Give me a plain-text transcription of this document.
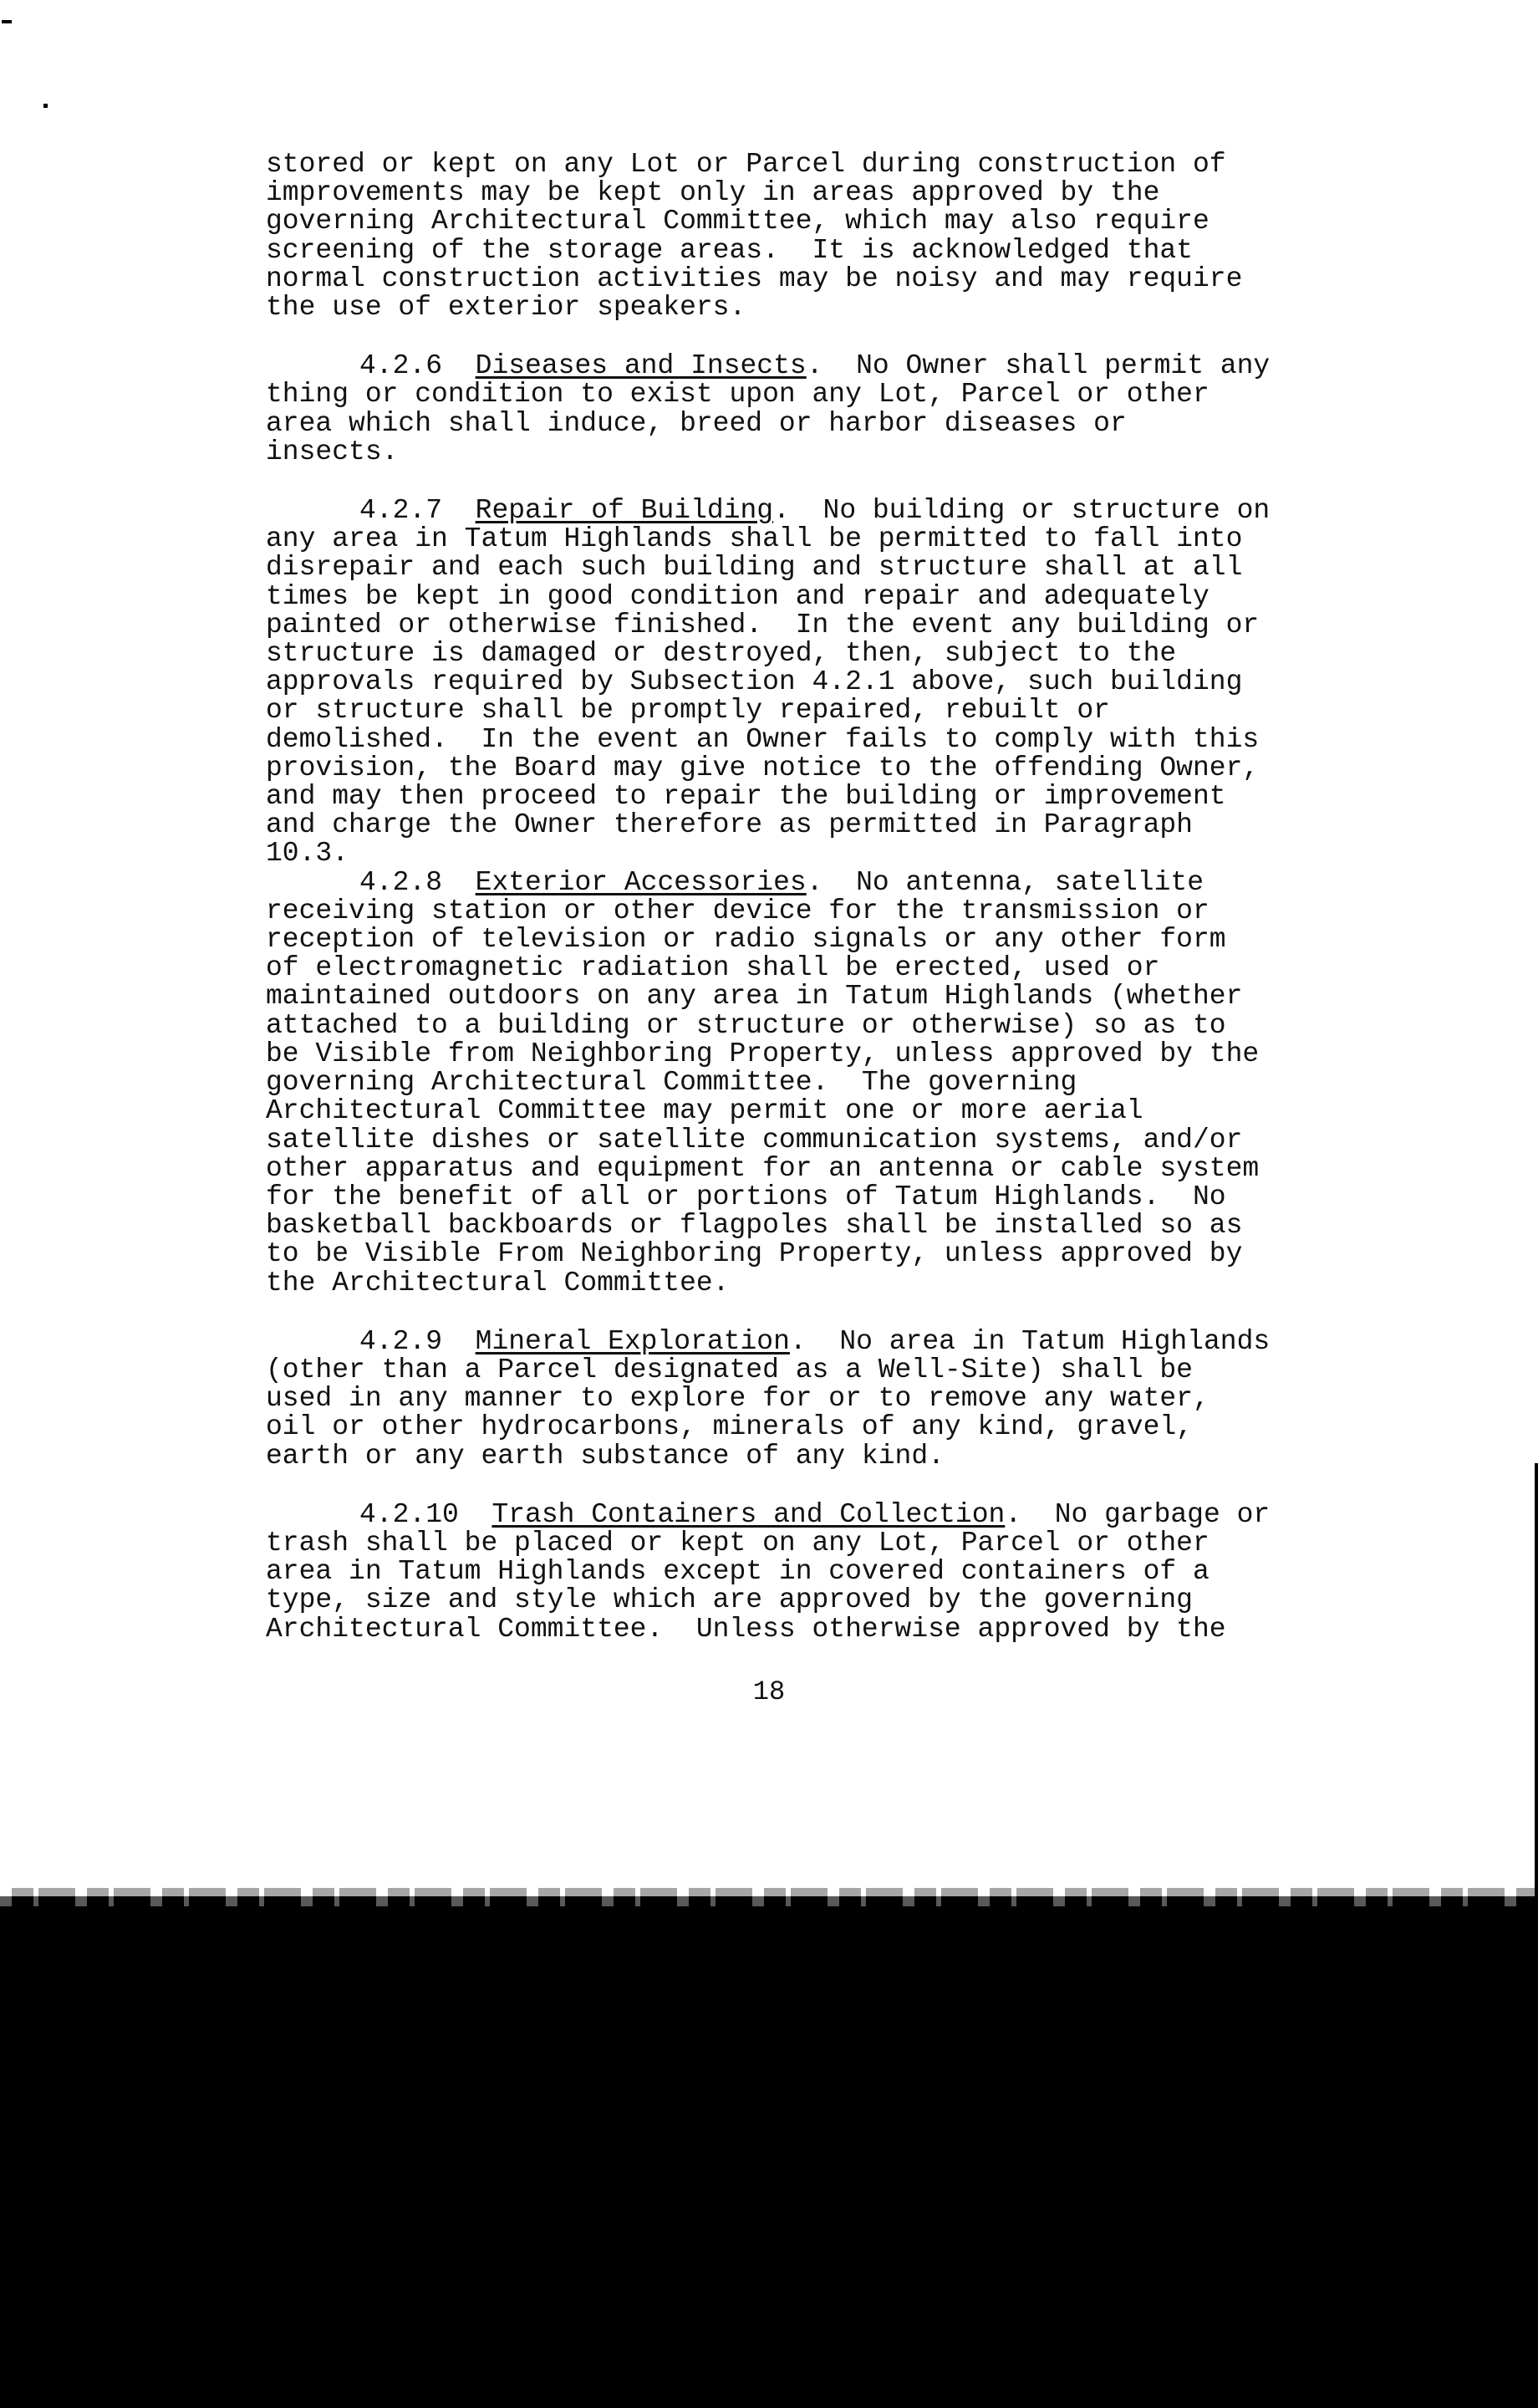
stored or kept on any Lot or Parcel during construction of
improvements may be kept only in areas approved by the
governing Architectural Committee, which may also require
screening of the storage areas.  It is acknowledged that
normal construction activities may be noisy and may require
the use of exterior speakers.

4.2.6 Diseases and Insects.  No Owner shall permit any
thing or condition to exist upon any Lot, Parcel or other
area which shall induce, breed or harbor diseases or
insects.

4.2.7 Repair of Building.  No building or structure on
any area in Tatum Highlands shall be permitted to fall into
disrepair and each such building and structure shall at all
times be kept in good condition and repair and adequately
painted or otherwise finished.  In the event any building or
structure is damaged or destroyed, then, subject to the
approvals required by Subsection 4.2.1 above, such building
or structure shall be promptly repaired, rebuilt or
demolished.  In the event an Owner fails to comply with this
provision, the Board may give notice to the offending Owner,
and may then proceed to repair the building or improvement
and charge the Owner therefore as permitted in Paragraph
10.3.

4.2.8 Exterior Accessories.  No antenna, satellite
receiving station or other device for the transmission or
reception of television or radio signals or any other form
of electromagnetic radiation shall be erected, used or
maintained outdoors on any area in Tatum Highlands (whether
attached to a building or structure or otherwise) so as to
be Visible from Neighboring Property, unless approved by the
governing Architectural Committee.  The governing
Architectural Committee may permit one or more aerial
satellite dishes or satellite communication systems, and/or
other apparatus and equipment for an antenna or cable system
for the benefit of all or portions of Tatum Highlands.  No
basketball backboards or flagpoles shall be installed so as
to be Visible From Neighboring Property, unless approved by
the Architectural Committee.

4.2.9 Mineral Exploration.  No area in Tatum Highlands
(other than a Parcel designated as a Well-Site) shall be
used in any manner to explore for or to remove any water,
oil or other hydrocarbons, minerals of any kind, gravel,
earth or any earth substance of any kind.

4.2.10 Trash Containers and Collection.  No garbage or
trash shall be placed or kept on any Lot, Parcel or other
area in Tatum Highlands except in covered containers of a
type, size and style which are approved by the governing
Architectural Committee.  Unless otherwise approved by the

18
